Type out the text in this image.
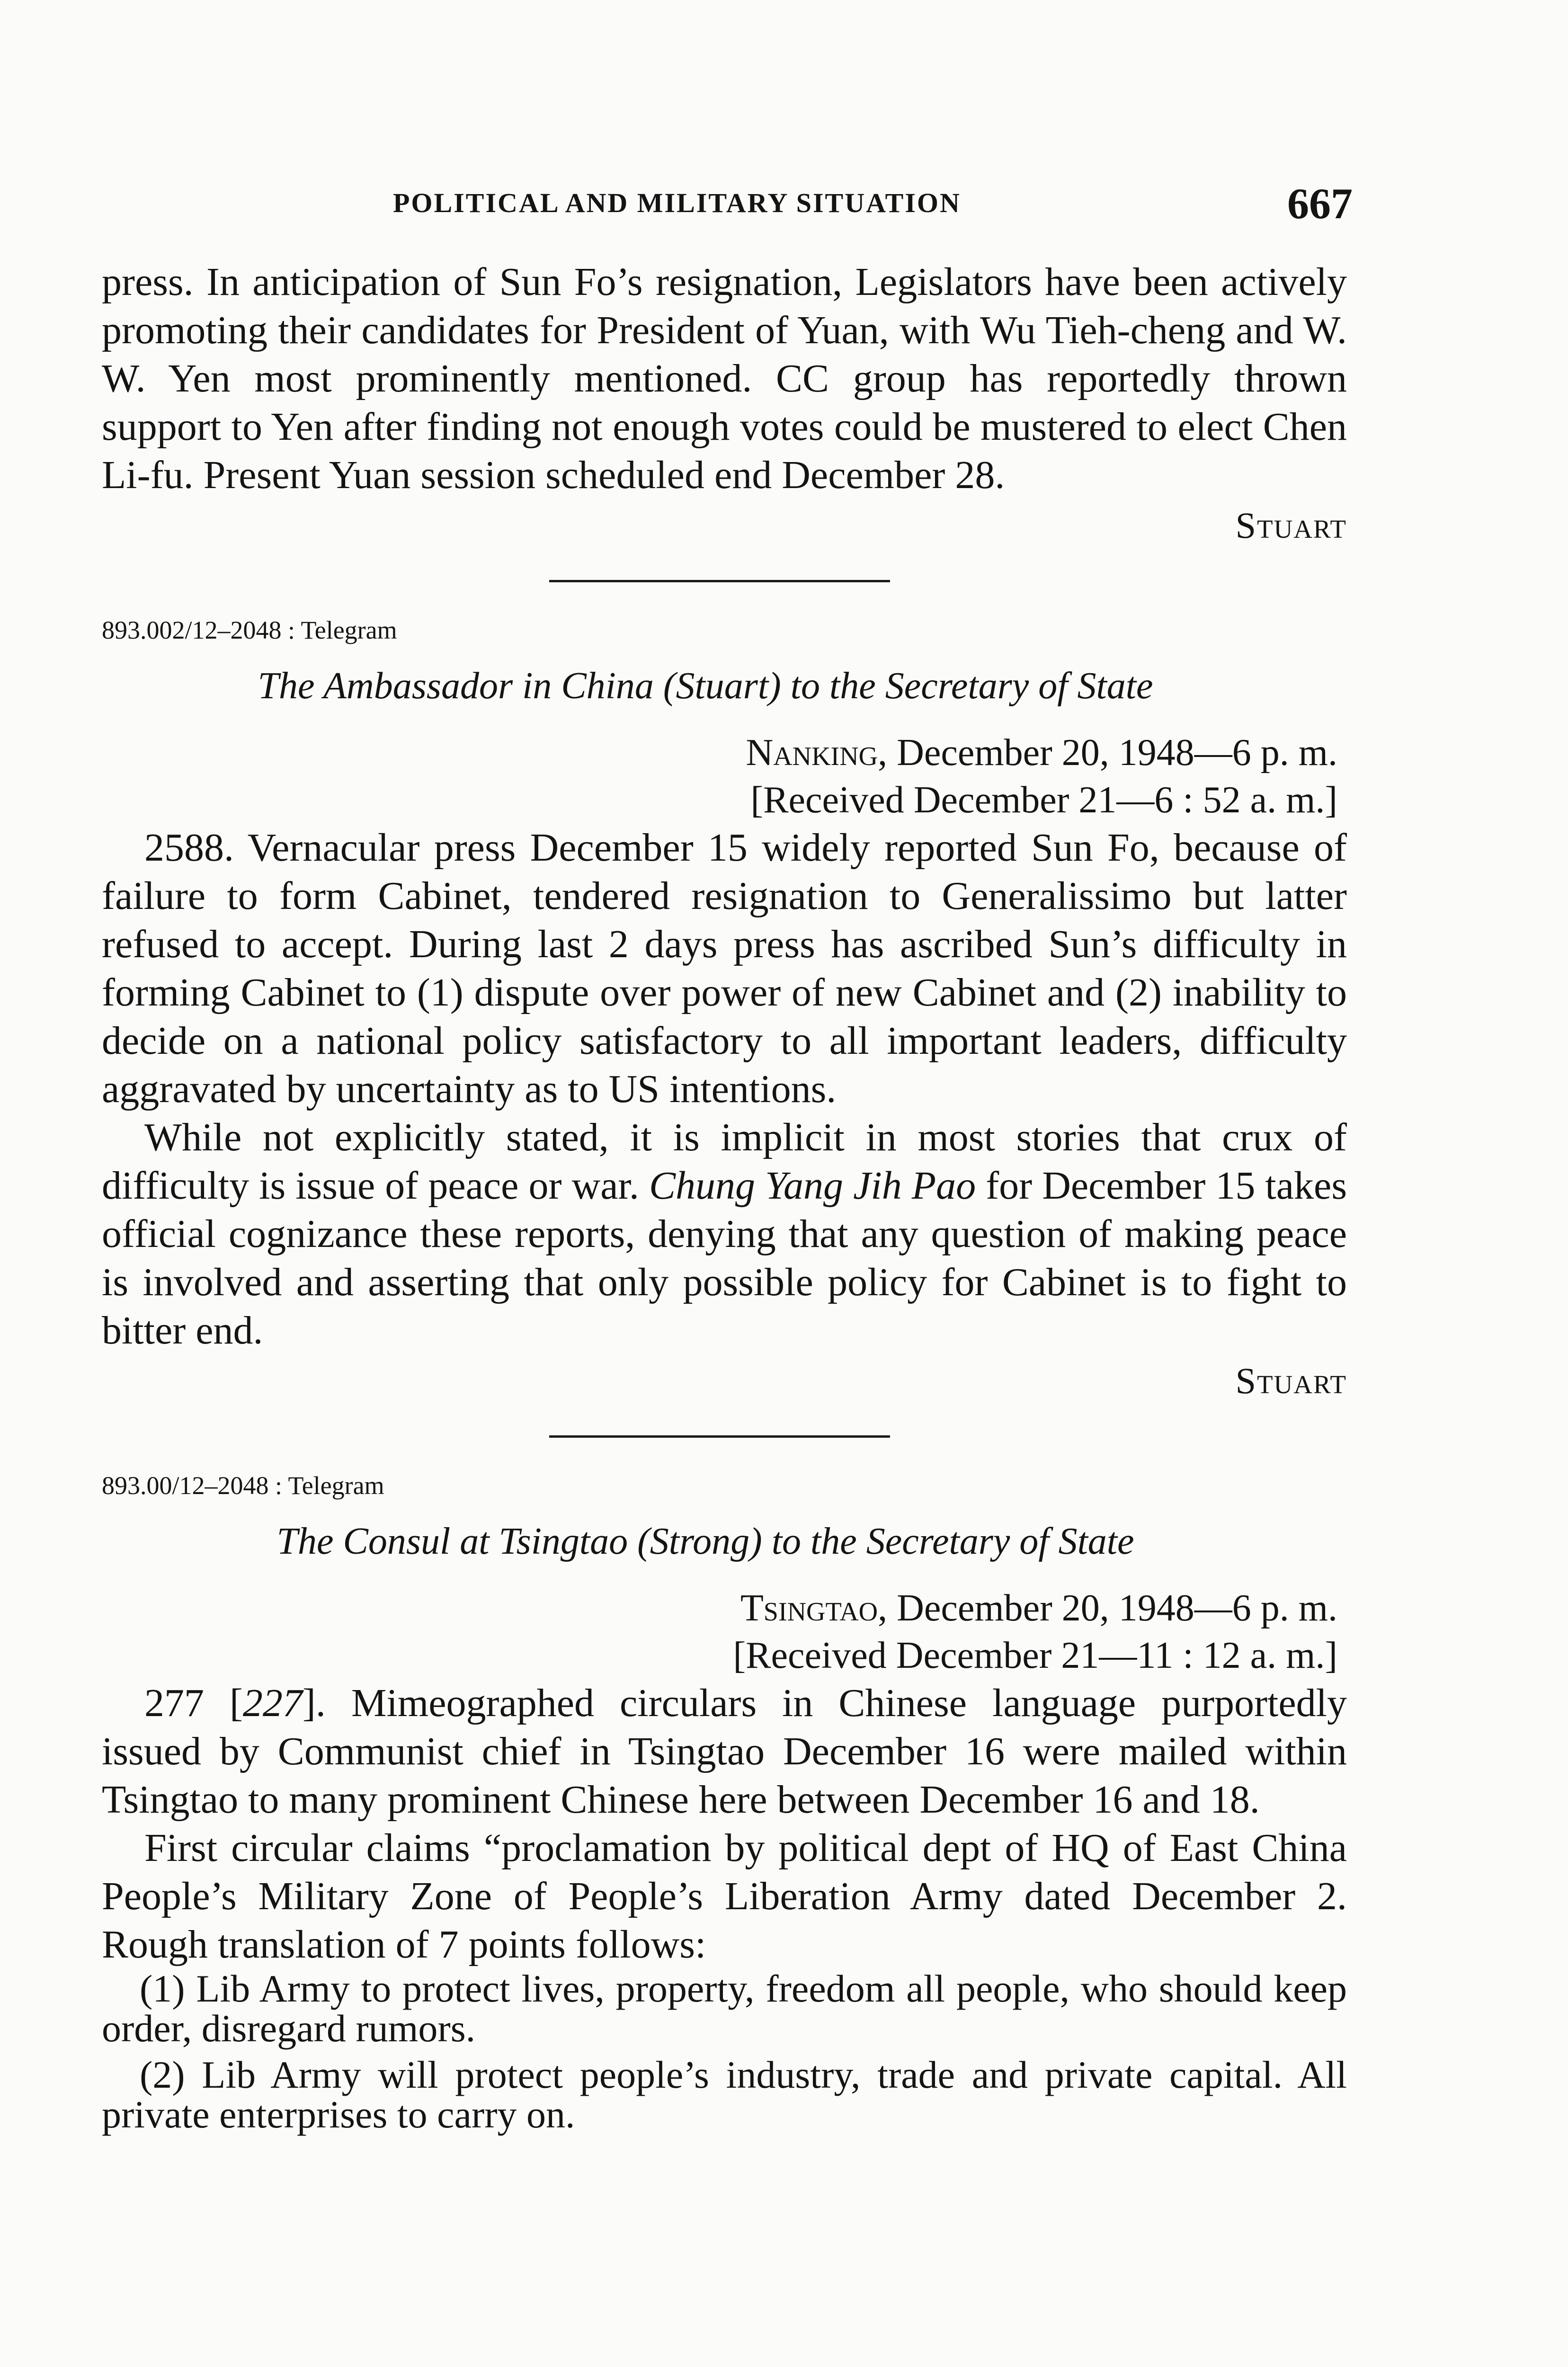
POLITICAL AND MILITARY SITUATION	667

press. In anticipation of Sun Fo’s resignation, Legislators have been actively promoting their candidates for President of Yuan, with Wu Tieh-cheng and W. W. Yen most prominently mentioned. CC group has reportedly thrown support to Yen after finding not enough votes could be mustered to elect Chen Li-fu. Present Yuan session scheduled end December 28.

Stuart
893.002/12–2048 : Telegram
The Ambassador in China (Stuart) to the Secretary of State
Nanking, December 20, 1948—6 p. m.
[Received December 21—6 : 52 a. m.]

2588. Vernacular press December 15 widely reported Sun Fo, because of failure to form Cabinet, tendered resignation to Generalissimo but latter refused to accept. During last 2 days press has ascribed Sun’s difficulty in forming Cabinet to (1) dispute over power of new Cabinet and (2) inability to decide on a national policy satisfactory to all important leaders, difficulty aggravated by uncertainty as to US intentions.

While not explicitly stated, it is implicit in most stories that crux of difficulty is issue of peace or war. Chung Yang Jih Pao for December 15 takes official cognizance these reports, denying that any question of making peace is involved and asserting that only possible policy for Cabinet is to fight to bitter end.

Stuart
893.00/12–2048 : Telegram
The Consul at Tsingtao (Strong) to the Secretary of State
Tsingtao, December 20, 1948—6 p. m.
[Received December 21—11 : 12 a. m.]

277 [227]. Mimeographed circulars in Chinese language purportedly issued by Communist chief in Tsingtao December 16 were mailed within Tsingtao to many prominent Chinese here between December 16 and 18.

First circular claims “proclamation by political dept of HQ of East China People’s Military Zone of People’s Liberation Army dated December 2. Rough translation of 7 points follows:

(1) Lib Army to protect lives, property, freedom all people, who should keep order, disregard rumors.

(2) Lib Army will protect people’s industry, trade and private capital. All private enterprises to carry on.
